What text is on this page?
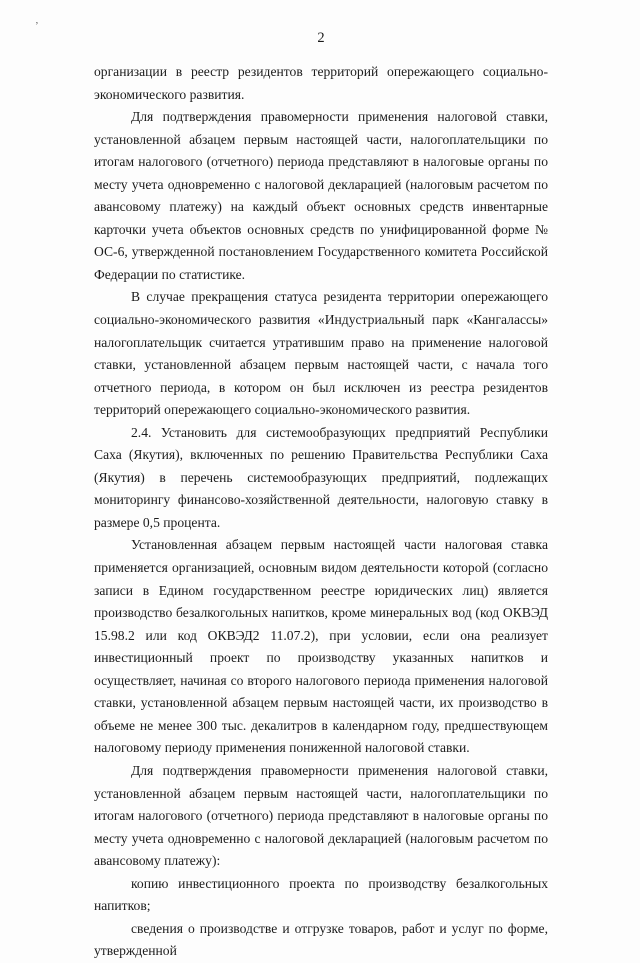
ʼ
2

организации в реестр резидентов территорий опережающего социально-экономического развития.

Для подтверждения правомерности применения налоговой ставки, установленной абзацем первым настоящей части, налогоплательщики по итогам налогового (отчетного) периода представляют в налоговые органы по месту учета одновременно с налоговой декларацией (налоговым расчетом по авансовому платежу) на каждый объект основных средств инвентарные карточки учета объектов основных средств по унифицированной форме № ОС-6, утвержденной постановлением Государственного комитета Российской Федерации по статистике.

В случае прекращения статуса резидента территории опережающего социально-экономического развития «Индустриальный парк «Кангалассы» налогоплательщик считается утратившим право на применение налоговой ставки, установленной абзацем первым настоящей части, с начала того отчетного периода, в котором он был исключен из реестра резидентов территорий опережающего социально-экономического развития.

2.4. Установить для системообразующих предприятий Республики Саха (Якутия), включенных по решению Правительства Республики Саха (Якутия) в перечень системообразующих предприятий, подлежащих мониторингу финансово-хозяйственной деятельности, налоговую ставку в размере 0,5 процента.

Установленная абзацем первым настоящей части налоговая ставка применяется организацией, основным видом деятельности которой (согласно записи в Едином государственном реестре юридических лиц) является производство безалкогольных напитков, кроме минеральных вод (код ОКВЭД 15.98.2 или код ОКВЭД2 11.07.2), при условии, если она реализует инвестиционный проект по производству указанных напитков и осуществляет, начиная со второго налогового периода применения налоговой ставки, установленной абзацем первым настоящей части, их производство в объеме не менее 300 тыс. декалитров в календарном году, предшествующем налоговому периоду применения пониженной налоговой ставки.

Для подтверждения правомерности применения налоговой ставки, установленной абзацем первым настоящей части, налогоплательщики по итогам налогового (отчетного) периода представляют в налоговые органы по месту учета одновременно с налоговой декларацией (налоговым расчетом по авансовому платежу):

копию инвестиционного проекта по производству безалкогольных напитков;

сведения о производстве и отгрузке товаров, работ и услуг по форме, утвержденной
